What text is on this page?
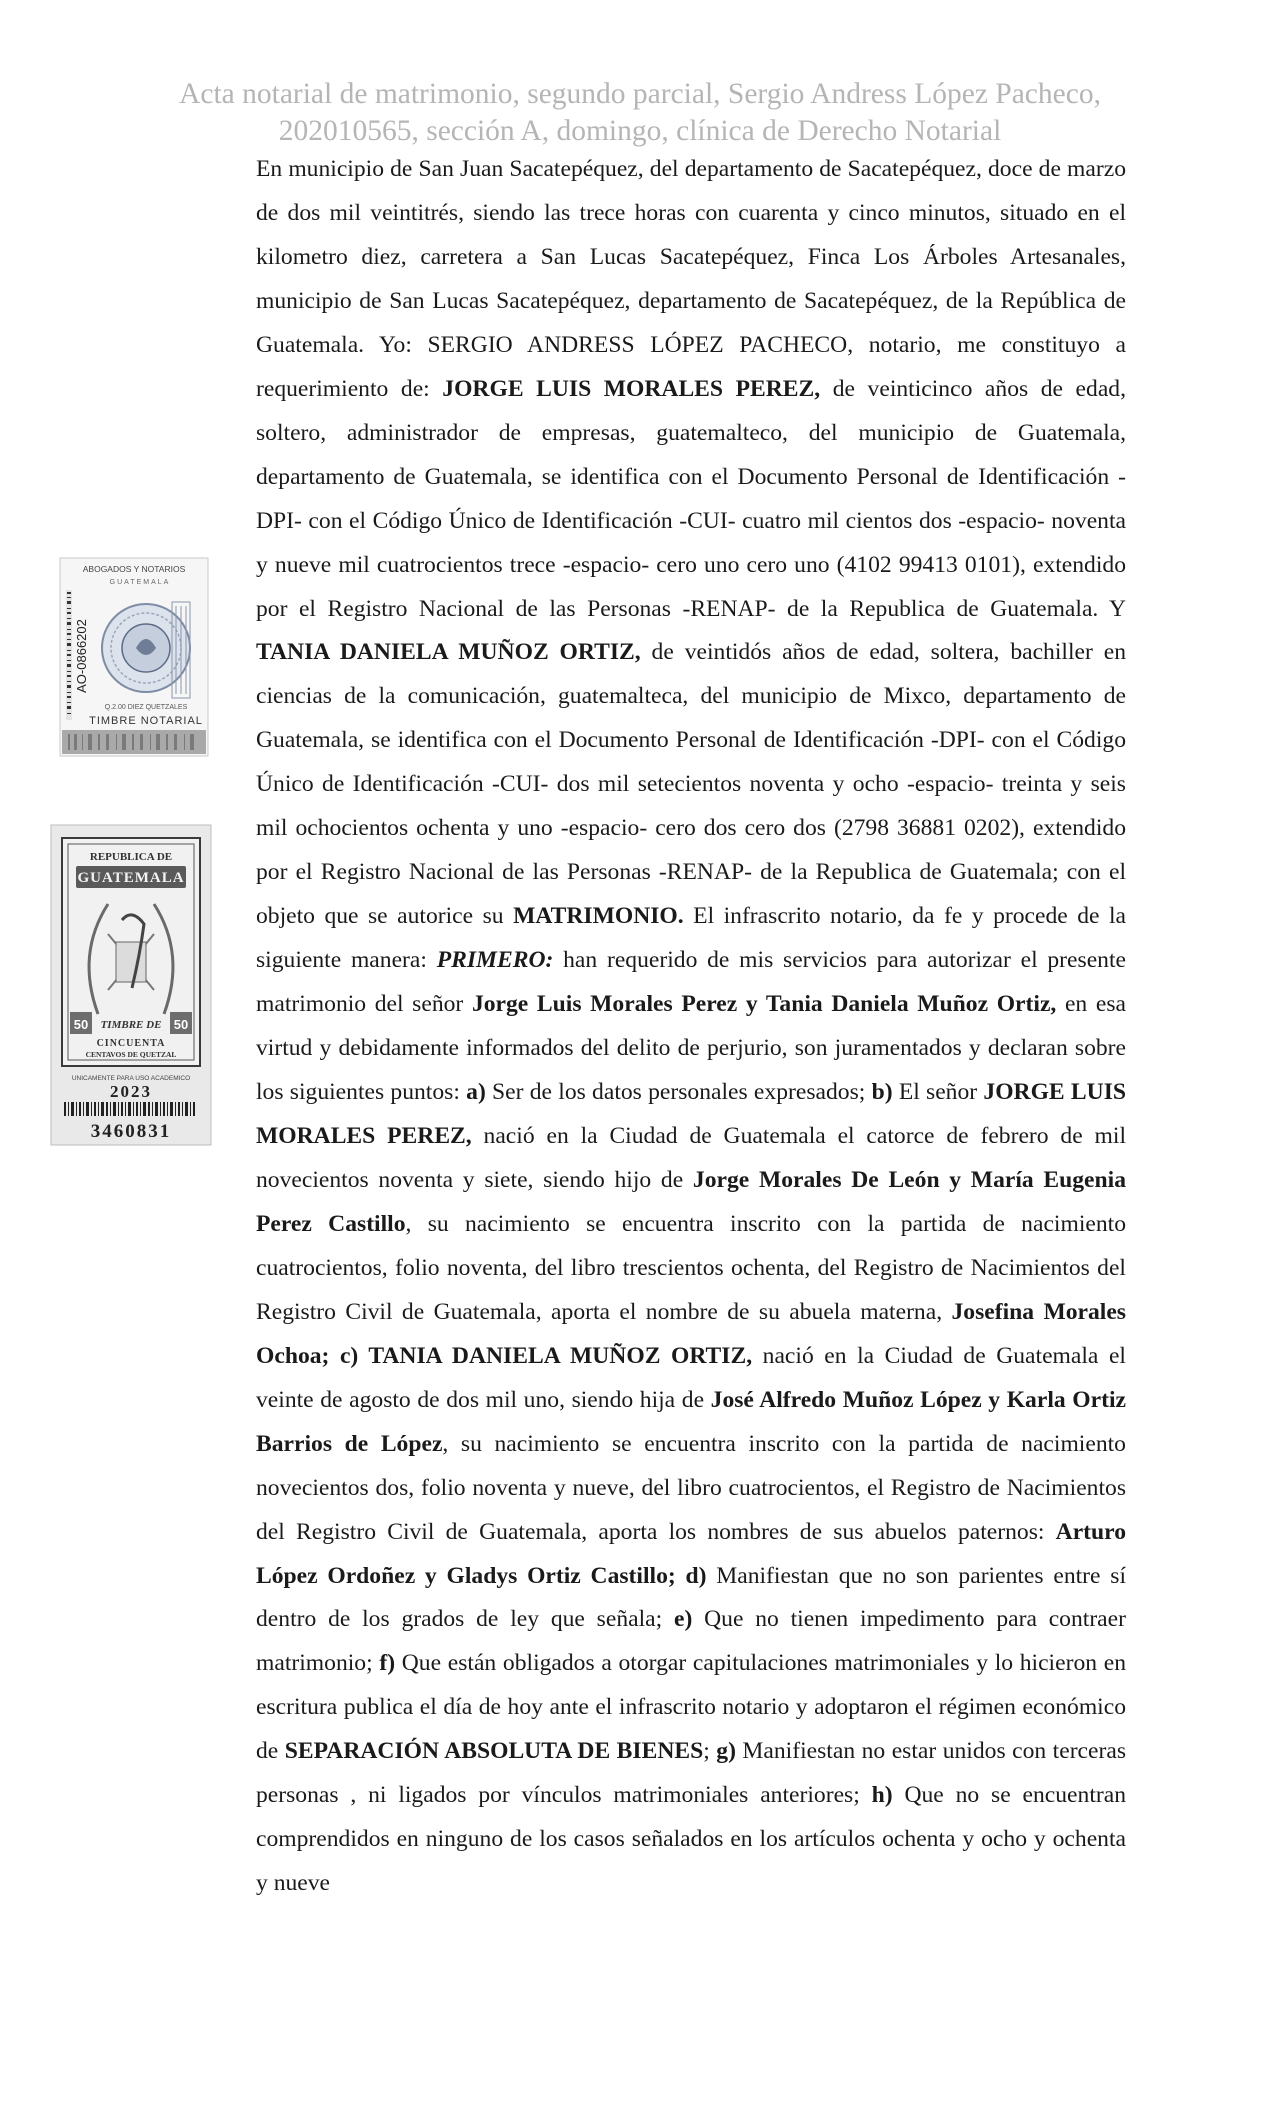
Acta notarial de matrimonio, segundo parcial, Sergio Andress López Pacheco,
202010565, sección A, domingo, clínica de Derecho Notarial

En municipio de San Juan Sacatepéquez, del departamento de Sacatepéquez, doce de marzo de dos mil veintitrés, siendo las trece horas con cuarenta y cinco minutos, situado en el kilometro diez, carretera a San Lucas Sacatepéquez, Finca Los Árboles Artesanales, municipio de San Lucas Sacatepéquez, departamento de Sacatepéquez, de la República de Guatemala. Yo: SERGIO ANDRESS LÓPEZ PACHECO, notario, me constituyo a requerimiento de: JORGE LUIS MORALES PEREZ, de veinticinco años de edad, soltero, administrador de empresas, guatemalteco, del municipio de Guatemala, departamento de Guatemala, se identifica con el Documento Personal de Identificación -DPI- con el Código Único de Identificación -CUI- cuatro mil cientos dos -espacio- noventa y nueve mil cuatrocientos trece -espacio- cero uno cero uno (4102 99413 0101), extendido por el Registro Nacional de las Personas -RENAP- de la Republica de Guatemala. Y TANIA DANIELA MUÑOZ ORTIZ, de veintidós años de edad, soltera, bachiller en ciencias de la comunicación, guatemalteca, del municipio de Mixco, departamento de Guatemala, se identifica con el Documento Personal de Identificación -DPI- con el Código Único de Identificación -CUI- dos mil setecientos noventa y ocho -espacio- treinta y seis mil ochocientos ochenta y uno -espacio- cero dos cero dos (2798 36881 0202), extendido por el Registro Nacional de las Personas -RENAP- de la Republica de Guatemala; con el objeto que se autorice su MATRIMONIO. El infrascrito notario, da fe y procede de la siguiente manera: PRIMERO: han requerido de mis servicios para autorizar el presente matrimonio del señor Jorge Luis Morales Perez y Tania Daniela Muñoz Ortiz, en esa virtud y debidamente informados del delito de perjurio, son juramentados y declaran sobre los siguientes puntos: a) Ser de los datos personales expresados; b) El señor JORGE LUIS MORALES PEREZ, nació en la Ciudad de Guatemala el catorce de febrero de mil novecientos noventa y siete, siendo hijo de Jorge Morales De León y María Eugenia Perez Castillo, su nacimiento se encuentra inscrito con la partida de nacimiento cuatrocientos, folio noventa, del libro trescientos ochenta, del Registro de Nacimientos del Registro Civil de Guatemala, aporta el nombre de su abuela materna, Josefina Morales Ochoa; c) TANIA DANIELA MUÑOZ ORTIZ, nació en la Ciudad de Guatemala el veinte de agosto de dos mil uno, siendo hija de José Alfredo Muñoz López y Karla Ortiz Barrios de López, su nacimiento se encuentra inscrito con la partida de nacimiento novecientos dos, folio noventa y nueve, del libro cuatrocientos, el Registro de Nacimientos del Registro Civil de Guatemala, aporta los nombres de sus abuelos paternos: Arturo López Ordoñez y Gladys Ortiz Castillo; d) Manifiestan que no son parientes entre sí dentro de los grados de ley que señala; e) Que no tienen impedimento para contraer matrimonio; f) Que están obligados a otorgar capitulaciones matrimoniales y lo hicieron en escritura publica el día de hoy ante el infrascrito notario y adoptaron el régimen económico de SEPARACIÓN ABSOLUTA DE BIENES; g) Manifiestan no estar unidos con terceras personas , ni ligados por vínculos matrimoniales anteriores; h) Que no se encuentran comprendidos en ninguno de los casos señalados en los artículos ochenta y ocho y ochenta y nueve

ABOGADOS Y NOTARIOS
GUATEMALA
AO-0866202
Q.2.00 DIEZ QUETZALES
TIMBRE NOTARIAL
REPUBLICA DE
GUATEMALA
TIMBRE DE
50	50
CINCUENTA
CENTAVOS DE QUETZAL
UNICAMENTE PARA USO ACADEMICO
2023
3460831
